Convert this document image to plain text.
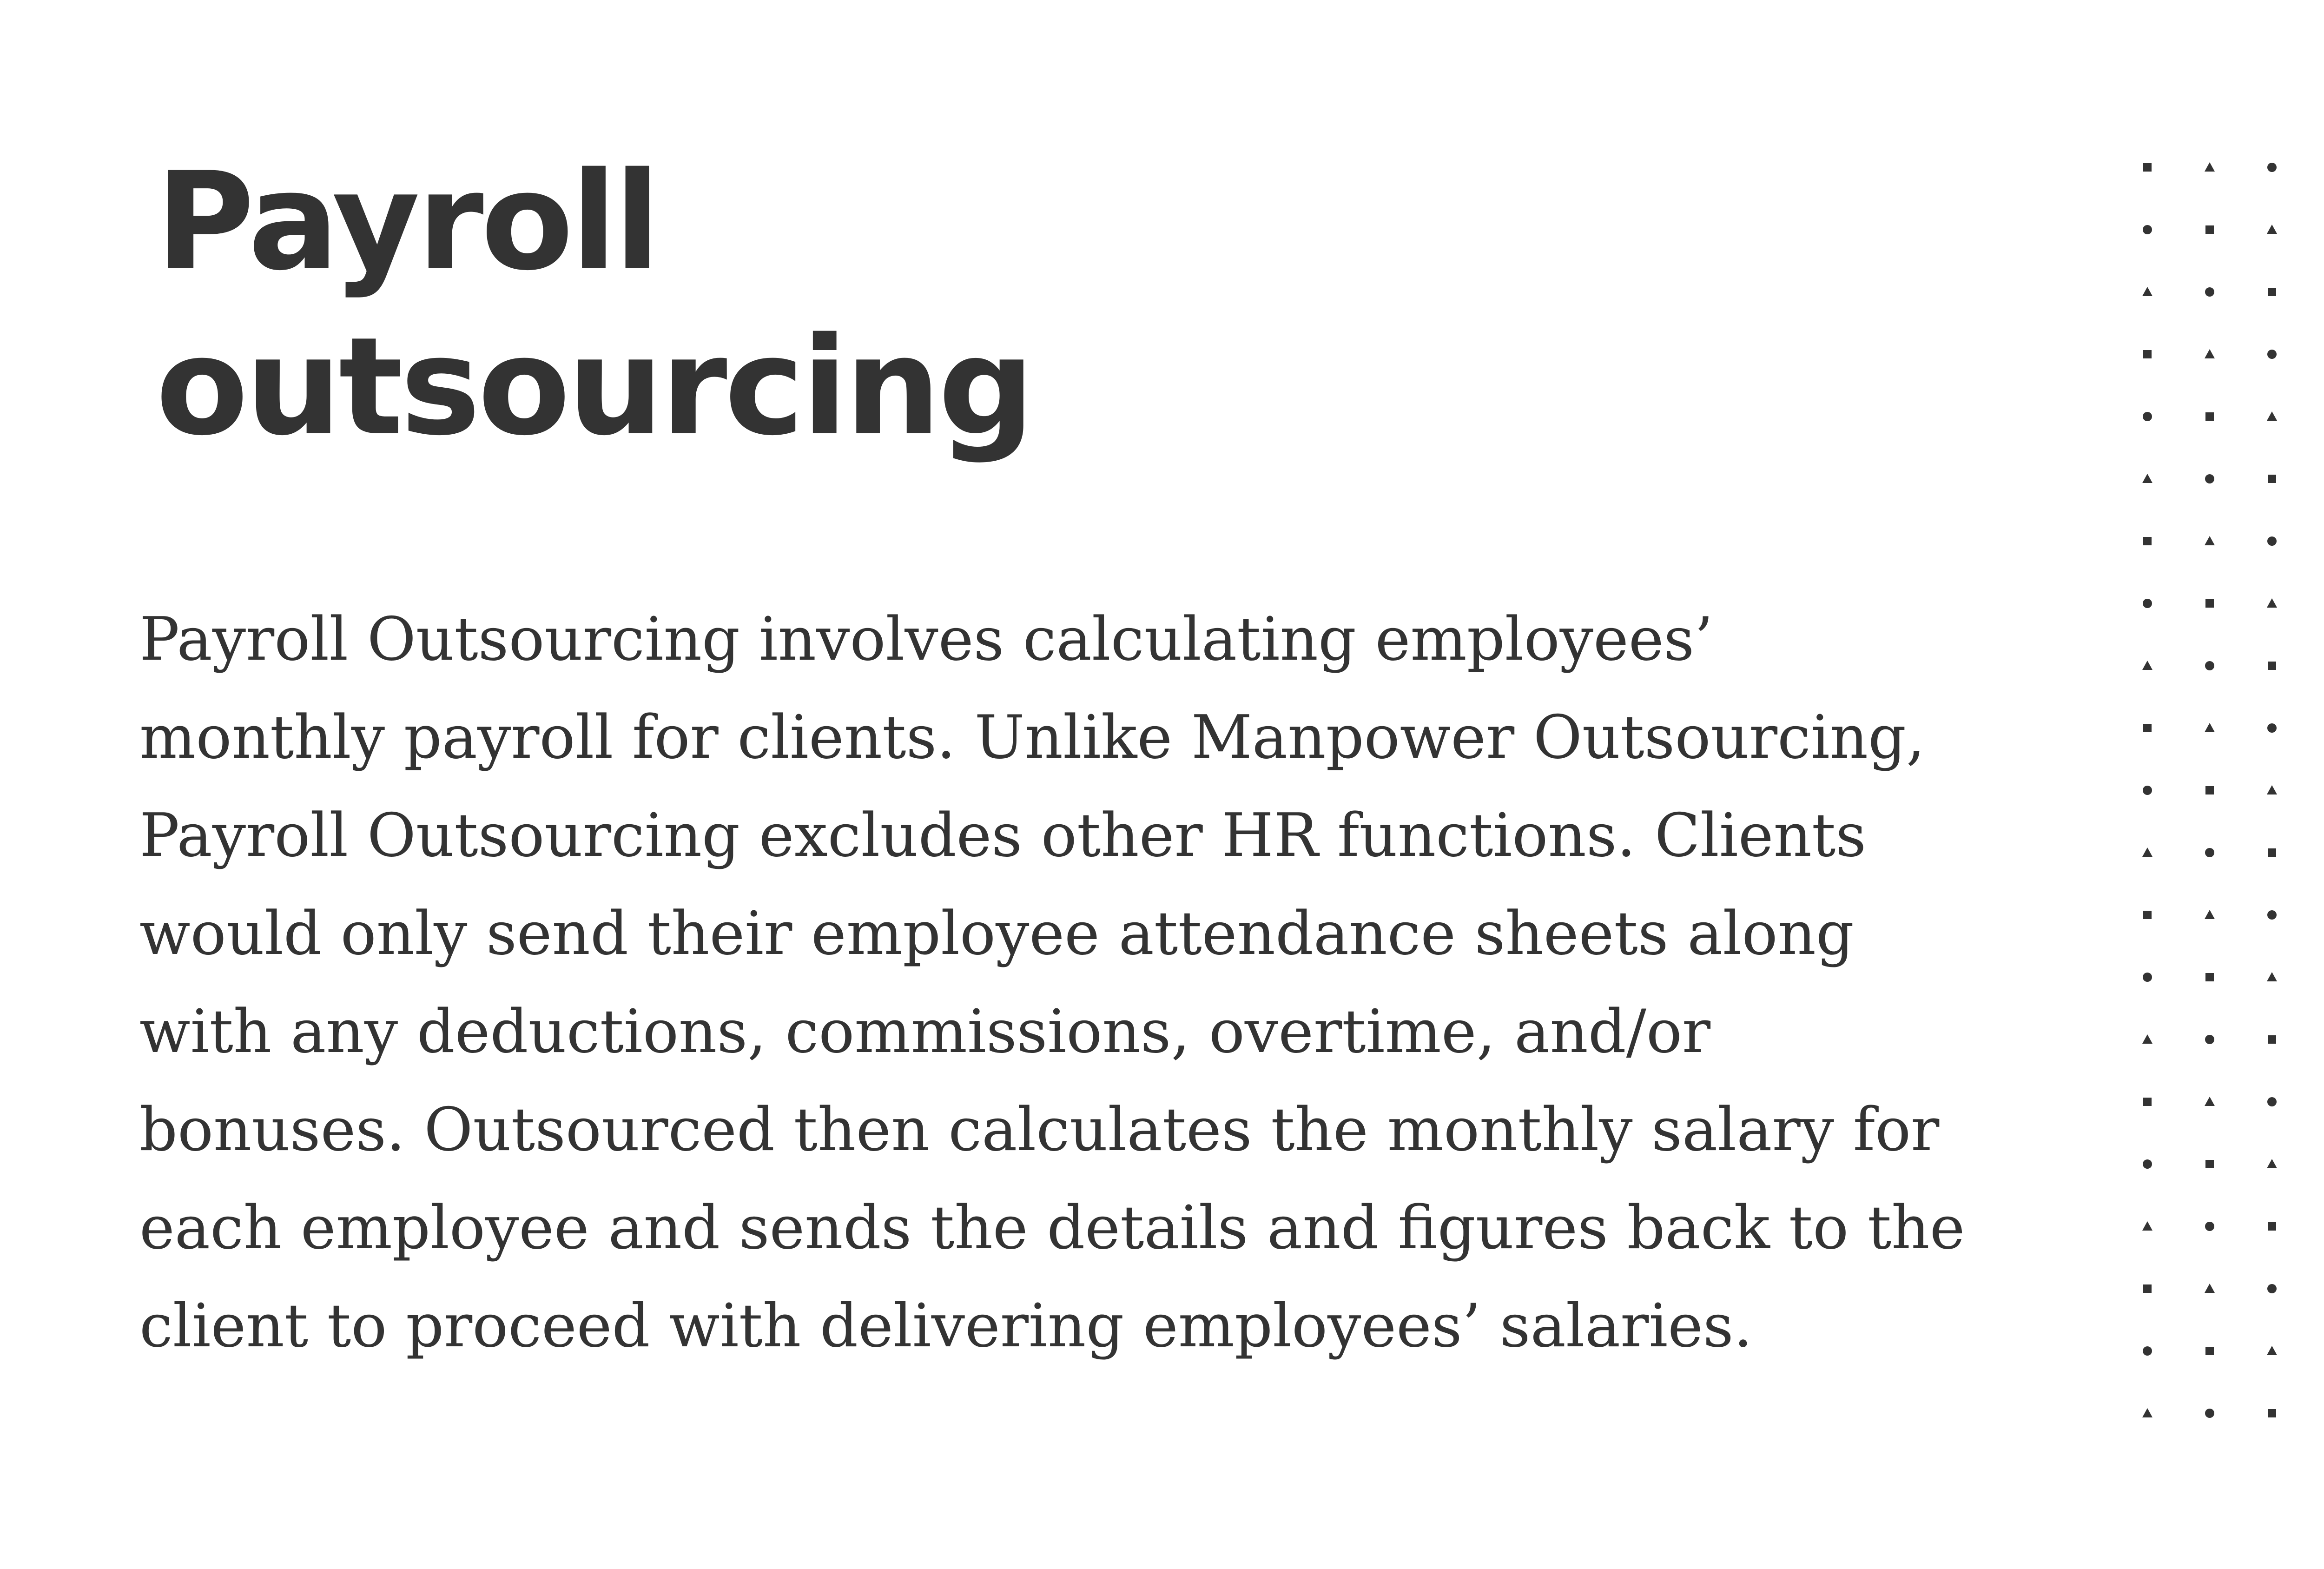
Payroll
outsourcing
Payroll Outsourcing involves calculating employees’
monthly payroll for clients. Unlike Manpower Outsourcing,
Payroll Outsourcing excludes other HR functions. Clients
would only send their employee attendance sheets along
with any deductions, commissions, overtime, and/or
bonuses. Outsourced then calculates the monthly salary for
each employee and sends the details and figures back to the
client to proceed with delivering employees’ salaries.
